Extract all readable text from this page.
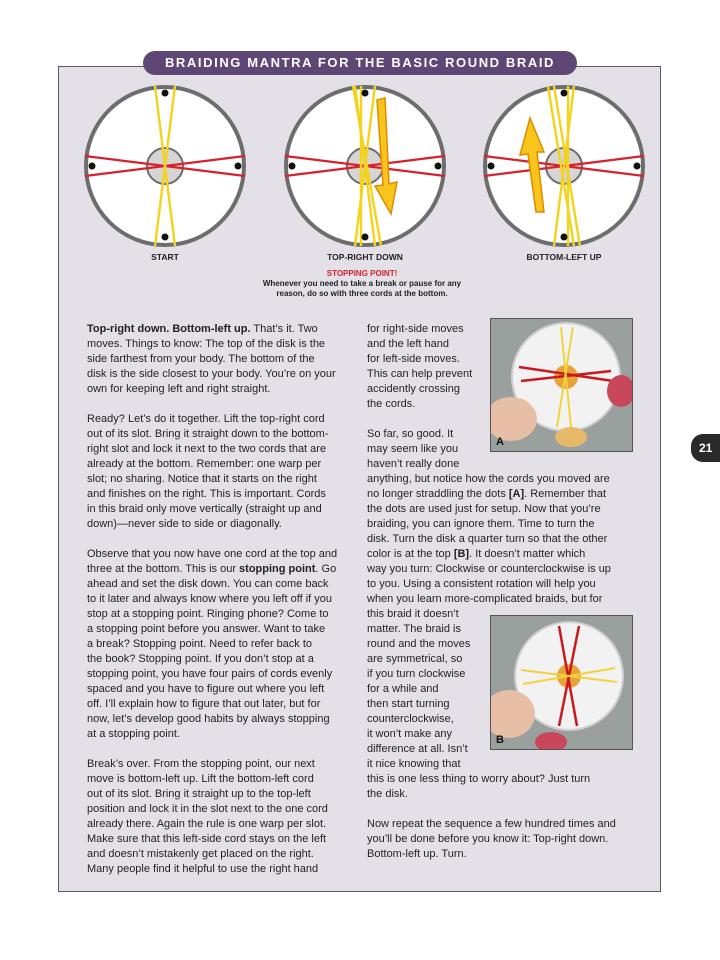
BRAIDING MANTRA FOR THE BASIC ROUND BRAID
START	TOP-RIGHT DOWN	BOTTOM-LEFT UP
STOPPING POINT!
Whenever you need to take a break or pause for any
reason, do so with three cords at the bottom.

Top-right down. Bottom-left up. That’s it. Two
moves. Things to know: The top of the disk is the
side farthest from your body. The bottom of the
disk is the side closest to your body. You’re on your
own for keeping left and right straight.

Ready? Let’s do it together. Lift the top-right cord
out of its slot. Bring it straight down to the bottom-
right slot and lock it next to the two cords that are
already at the bottom. Remember: one warp per
slot; no sharing. Notice that it starts on the right
and finishes on the right. This is important. Cords
in this braid only move vertically (straight up and
down)—never side to side or diagonally.

Observe that you now have one cord at the top and
three at the bottom. This is our stopping point. Go
ahead and set the disk down. You can come back
to it later and always know where you left off if you
stop at a stopping point. Ringing phone? Come to
a stopping point before you answer. Want to take
a break? Stopping point. Need to refer back to
the book? Stopping point. If you don’t stop at a
stopping point, you have four pairs of cords evenly
spaced and you have to figure out where you left
off. I’ll explain how to figure that out later, but for
now, let’s develop good habits by always stopping
at a stopping point.

Break’s over. From the stopping point, our next
move is bottom-left up. Lift the bottom-left cord
out of its slot. Bring it straight up to the top-left
position and lock it in the slot next to the one cord
already there. Again the rule is one warp per slot.
Make sure that this left-side cord stays on the left
and doesn’t mistakenly get placed on the right.
Many people find it helpful to use the right hand

for right-side moves
and the left hand
for left-side moves.
This can help prevent
accidently crossing
the cords.

So far, so good. It
may seem like you
haven’t really done
anything, but notice how the cords you moved are
no longer straddling the dots [A]. Remember that
the dots are used just for setup. Now that you’re
braiding, you can ignore them. Time to turn the
disk. Turn the disk a quarter turn so that the other
color is at the top [B]. It doesn’t matter which
way you turn: Clockwise or counterclockwise is up
to you. Using a consistent rotation will help you
when you learn more-complicated braids, but for
this braid it doesn’t
matter. The braid is
round and the moves
are symmetrical, so
if you turn clockwise
for a while and
then start turning
counterclockwise,
it won’t make any
difference at all. Isn’t
it nice knowing that
this is one less thing to worry about? Just turn
the disk.

Now repeat the sequence a few hundred times and
you’ll be done before you know it: Top-right down.
Bottom-left up. Turn.

A
B
21
